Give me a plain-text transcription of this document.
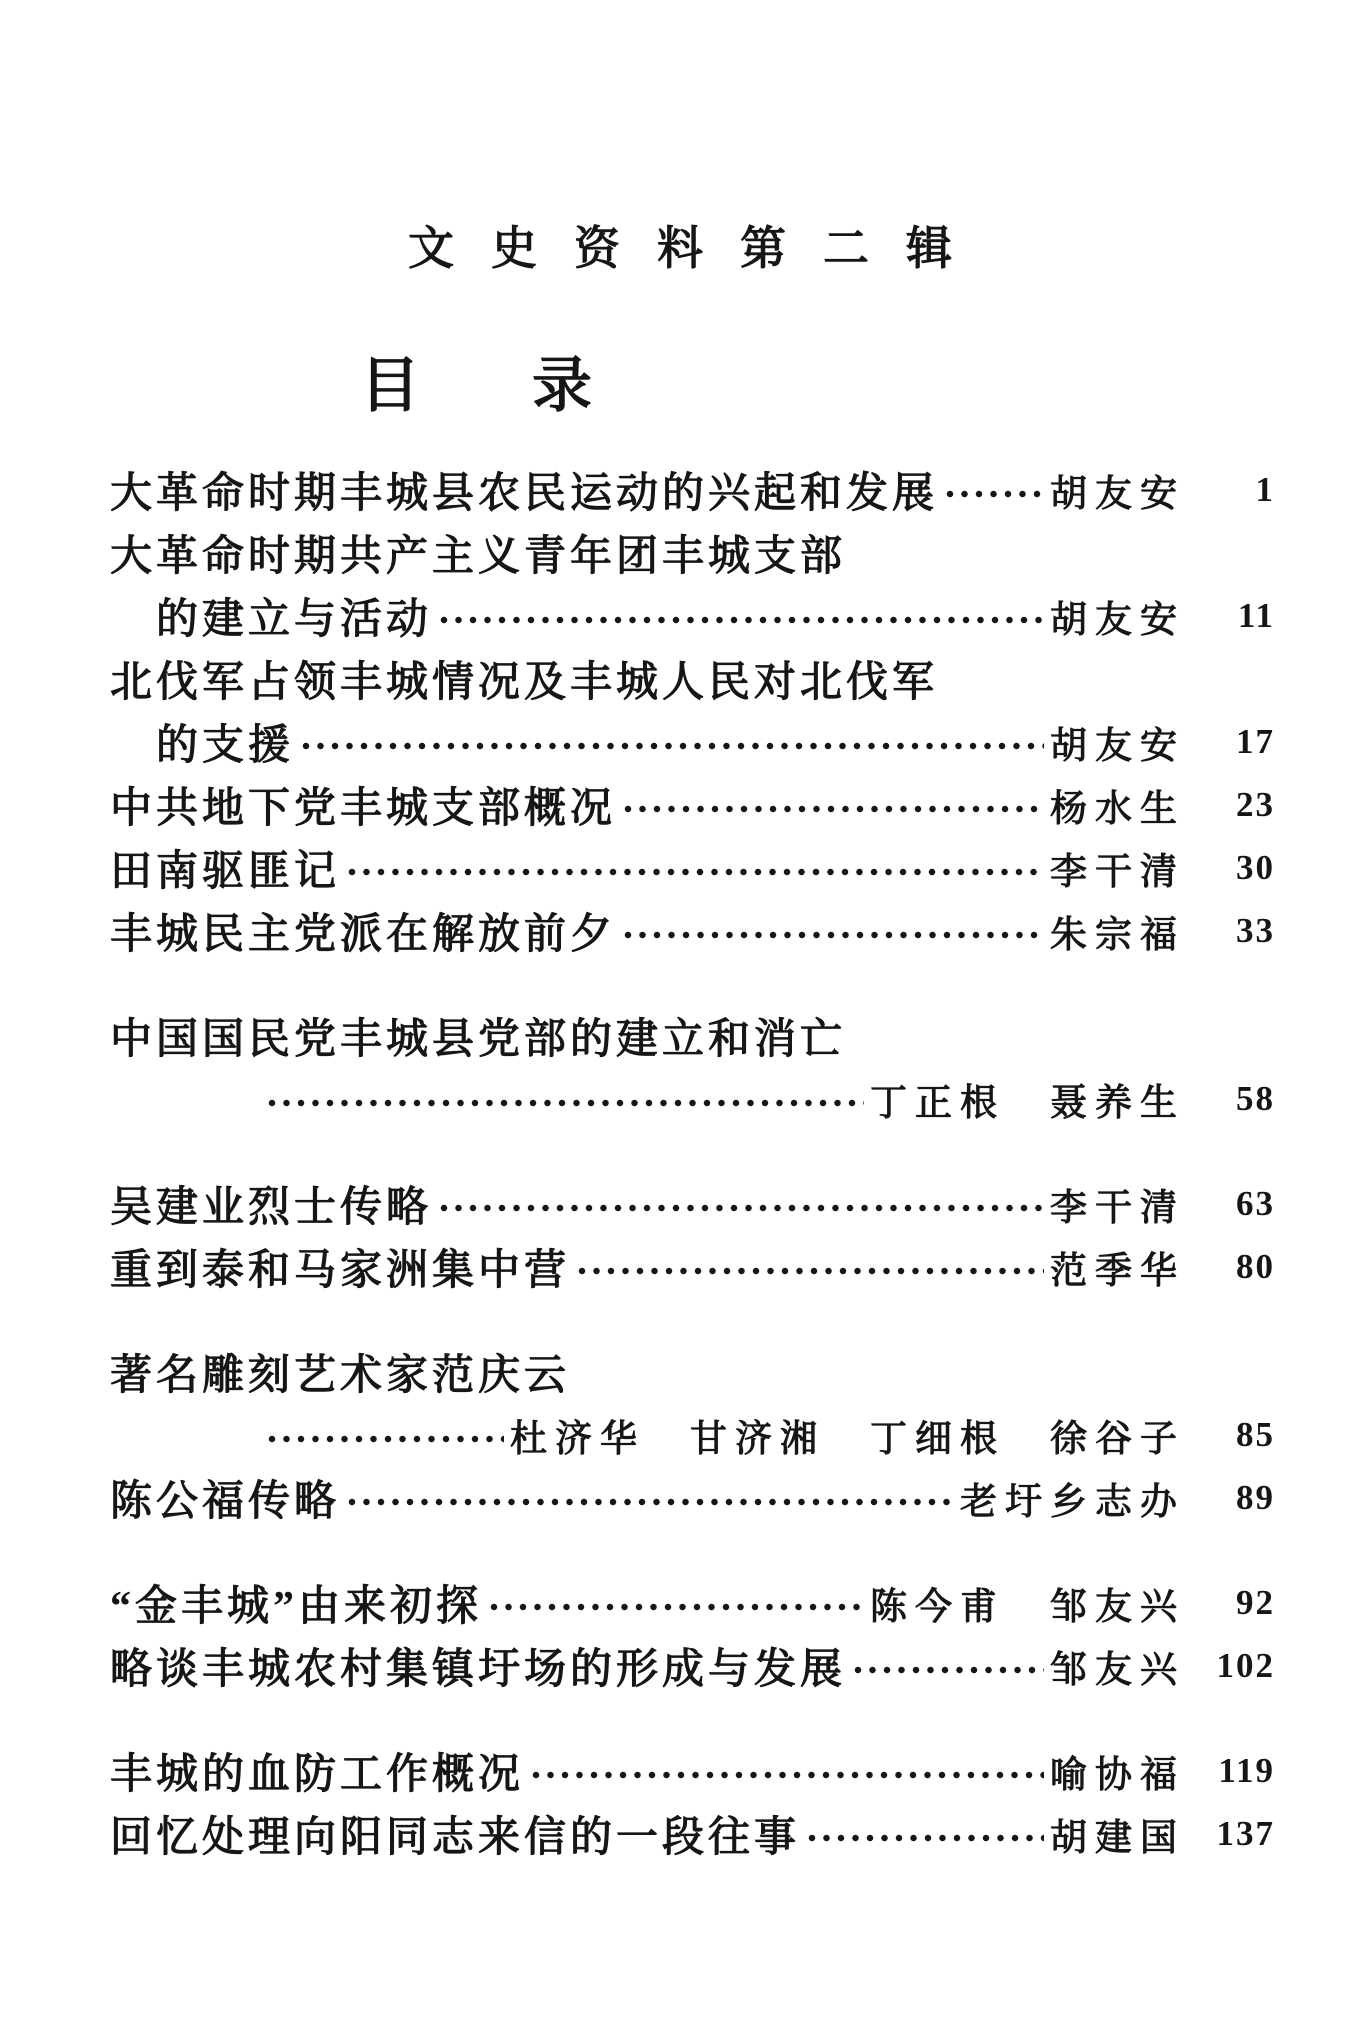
文史资料第二辑
目录
大革命时期丰城县农民运动的兴起和发展	胡友安	1
大革命时期共产主义青年团丰城支部
的建立与活动	胡友安	11
北伐军占领丰城情况及丰城人民对北伐军
的支援	胡友安	17
中共地下党丰城支部概况	杨水生	23
田南驱匪记	李干清	30
丰城民主党派在解放前夕	朱宗福	33
中国国民党丰城县党部的建立和消亡
丁正根　聂养生	58
吴建业烈士传略	李干清	63
重到泰和马家洲集中营	范季华	80
著名雕刻艺术家范庆云
杜济华　甘济湘　丁细根　徐谷子	85
陈公福传略	老圩乡志办	89
“金丰城”由来初探	陈今甫　邹友兴	92
略谈丰城农村集镇圩场的形成与发展	邹友兴 102
丰城的血防工作概况	喻协福 119
回忆处理向阳同志来信的一段往事	胡建国 137
